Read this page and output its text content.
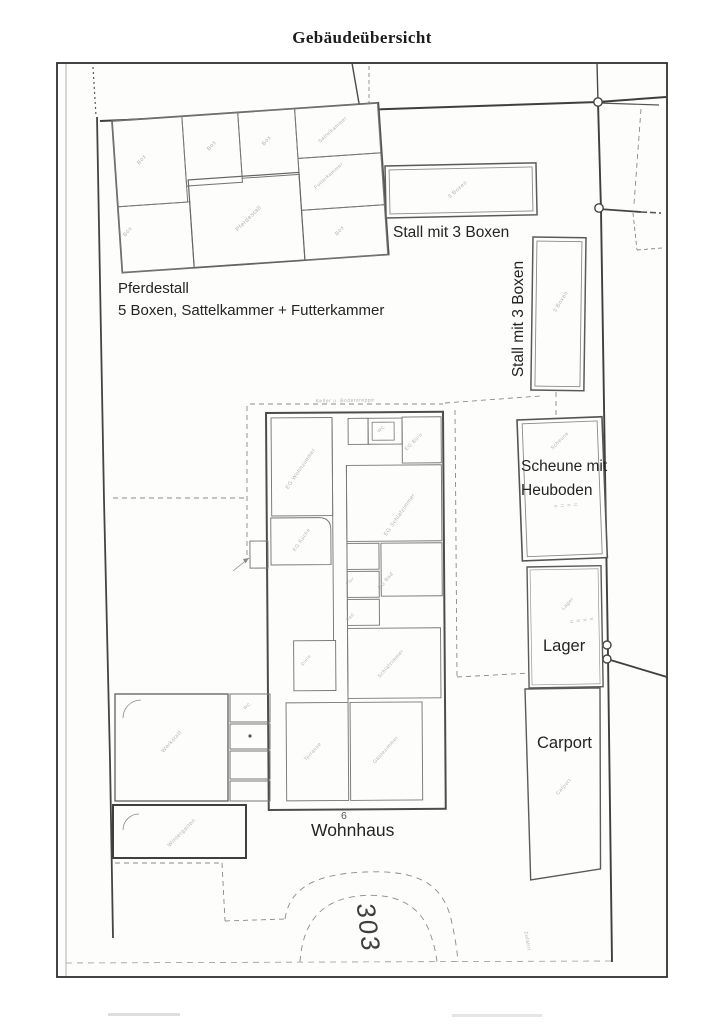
Gebäudeübersicht
Pferdestall
5 Boxen, Sattelkammer + Futterkammer
Stall mit 3 Boxen
Stall mit 3 Boxen
Scheune mit
Heuboden
Lager
Carport
6
Wohnhaus
303
Box
Box	Box	Sattelkammer
Futterkammer
Box	Pferdestall	Box
3 Boxen
3 Boxen
Scheune
= = = =
Lager
= = = =
Carport
EG Wohnzimmer
EG Büro
EG Schlafzimmer
EG Bad
EG Küche
WC
Flur
Bad
Diele	Schlafzimmer
Terrasse	Gästezimmer
Werkstatt
Wintergarten
WC
Keller u. Bodentreppe
Zufahrt
